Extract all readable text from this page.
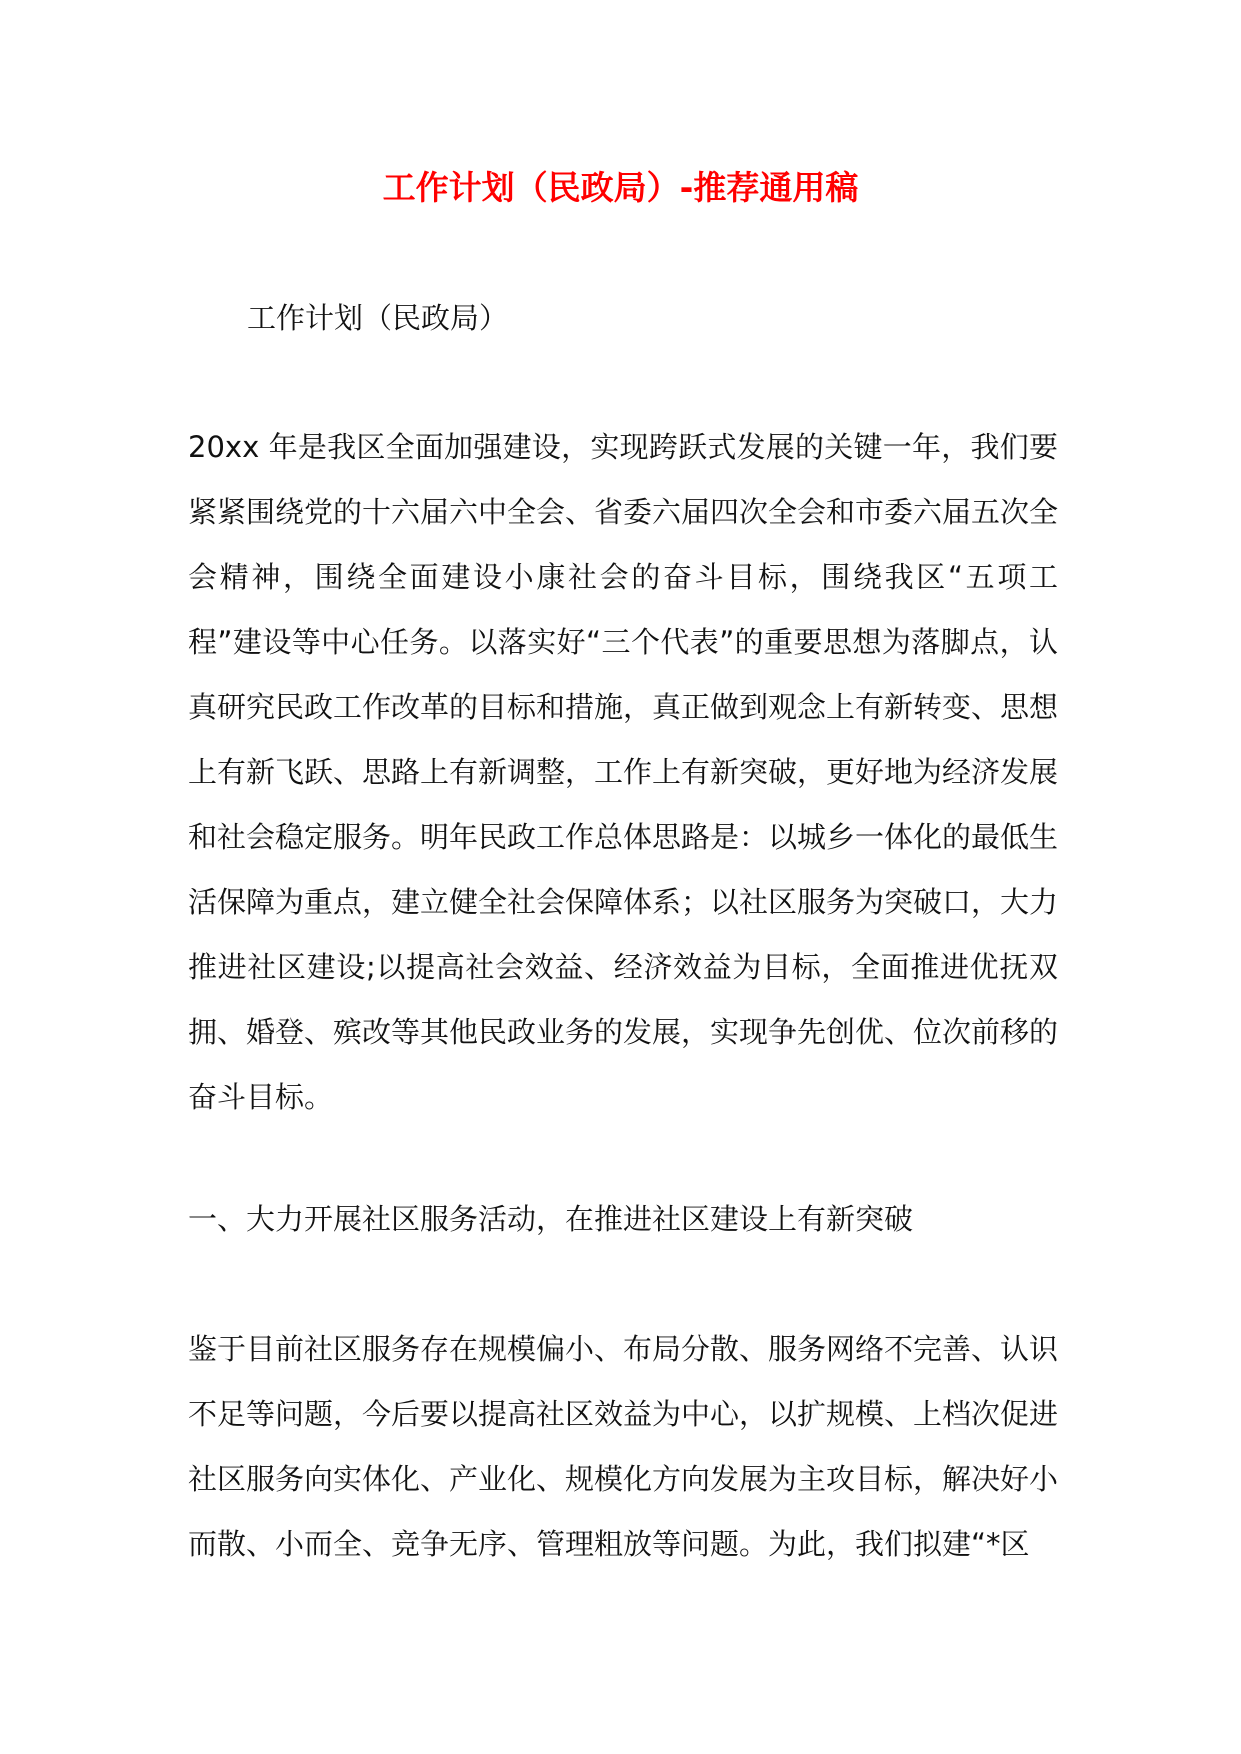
工作计划（民政局）-推荐通用稿

工作计划（民政局）

20xx 年是我区全面加强建设，实现跨跃式发展的关键一年，我们要紧紧围绕党的十六届六中全会、省委六届四次全会和市委六届五次全会精神，围绕全面建设小康社会的奋斗目标，围绕我区“五项工程”建设等中心任务。以落实好“三个代表”的重要思想为落脚点，认真研究民政工作改革的目标和措施，真正做到观念上有新转变、思想上有新飞跃、思路上有新调整，工作上有新突破，更好地为经济发展和社会稳定服务。明年民政工作总体思路是：以城乡一体化的最低生活保障为重点，建立健全社会保障体系；以社区服务为突破口，大力推进社区建设;以提高社会效益、经济效益为目标，全面推进优抚双拥、婚登、殡改等其他民政业务的发展，实现争先创优、位次前移的奋斗目标。

一、大力开展社区服务活动，在推进社区建设上有新突破

鉴于目前社区服务存在规模偏小、布局分散、服务网络不完善、认识不足等问题，今后要以提高社区效益为中心，以扩规模、上档次促进社区服务向实体化、产业化、规模化方向发展为主攻目标，解决好小而散、小而全、竞争无序、管理粗放等问题。为此，我们拟建“*区
